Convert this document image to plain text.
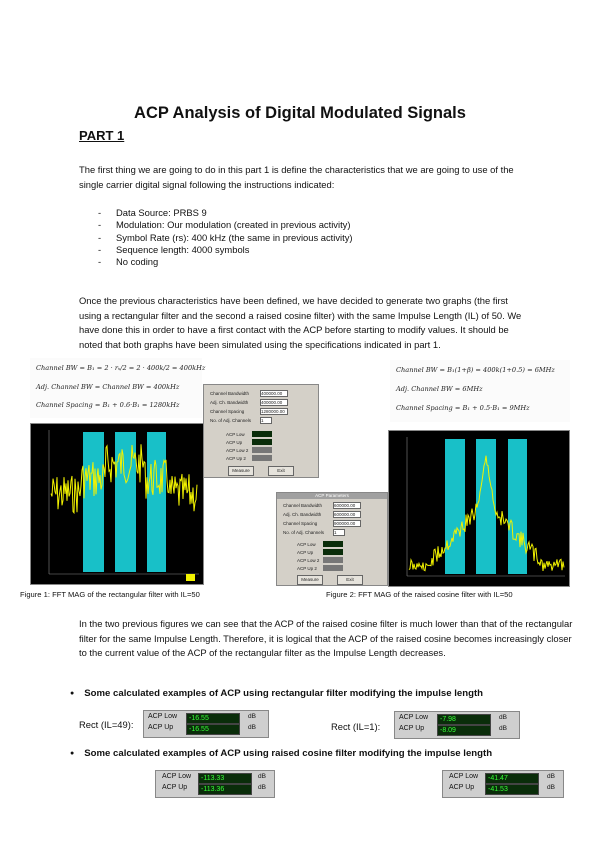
ACP Analysis of Digital Modulated Signals
PART 1
The first thing we are going to do in this part 1 is define the characteristics that we are going to use of the single carrier digital signal following the instructions indicated:
- Data Source: PRBS 9
- Modulation: Our modulation (created in previous activity)
- Symbol Rate (rs): 400 kHz (the same in previous activity)
- Sequence length: 4000 symbols
- No coding
Once the previous characteristics have been defined, we have decided to generate two graphs (the first using a rectangular filter and the second a raised cosine filter) with the same Impulse Length (IL) of 50. We have done this in order to have a first contact with the ACP before starting to modify values. It should be noted that both graphs have been simulated using the specifications indicated in part 1.
Channel BW = B₁ = 2 · rₛ/2 = 2 · 400k/2 = 400kHz
Adj. Channel BW = Channel BW = 400kHz
Channel Spacing = B₁ + 0.6·B₁ = 1280kHz
Channel Bandwidth	400000.00
Adj. Ch. Bandwidth	400000.00
Channel Spacing	1280000.00
No. of Adj. Channels 1
ACP Low
ACP Up
ACP Low 2
ACP Up 2
Measure	Exit
Figure 1: FFT MAG of the rectangular filter with IL=50
Channel BW = B₁(1+β) = 400k(1+0.5) = 6MHz
Adj. Channel BW = 6MHz
Channel Spacing = B₁ + 0.5·B₁ = 9MHz
ACP Parameters
Channel Bandwidth	600000.00
Adj. Ch. Bandwidth	600000.00
Channel Spacing	900000.00
No. of Adj. Channels 1
ACP Low
ACP Up
ACP Low 2
ACP Up 2
Measure	Exit
Figure 2: FFT MAG of the raised cosine filter with IL=50
In the two previous figures we can see that the ACP of the raised cosine filter is much lower than that of the rectangular filter for the same Impulse Length. Therefore, it is logical that the ACP of the raised cosine becomes increasingly closer to the current value of the ACP of the rectangular filter as the Impulse Length decreases.
● Some calculated examples of ACP using rectangular filter modifying the impulse length
Rect (IL=49):
ACP Low	-16.55	dB
ACP Up	-16.55	dB	Rect (IL=1):
ACP Low	-7.98	dB
ACP Up	-8.09	dB
● Some calculated examples of ACP using raised cosine filter modifying the impulse length
ACP Low	-113.33	dB
ACP Up	-113.36	dB
ACP Low	-41.47	dB
ACP Up	-41.53	dB
